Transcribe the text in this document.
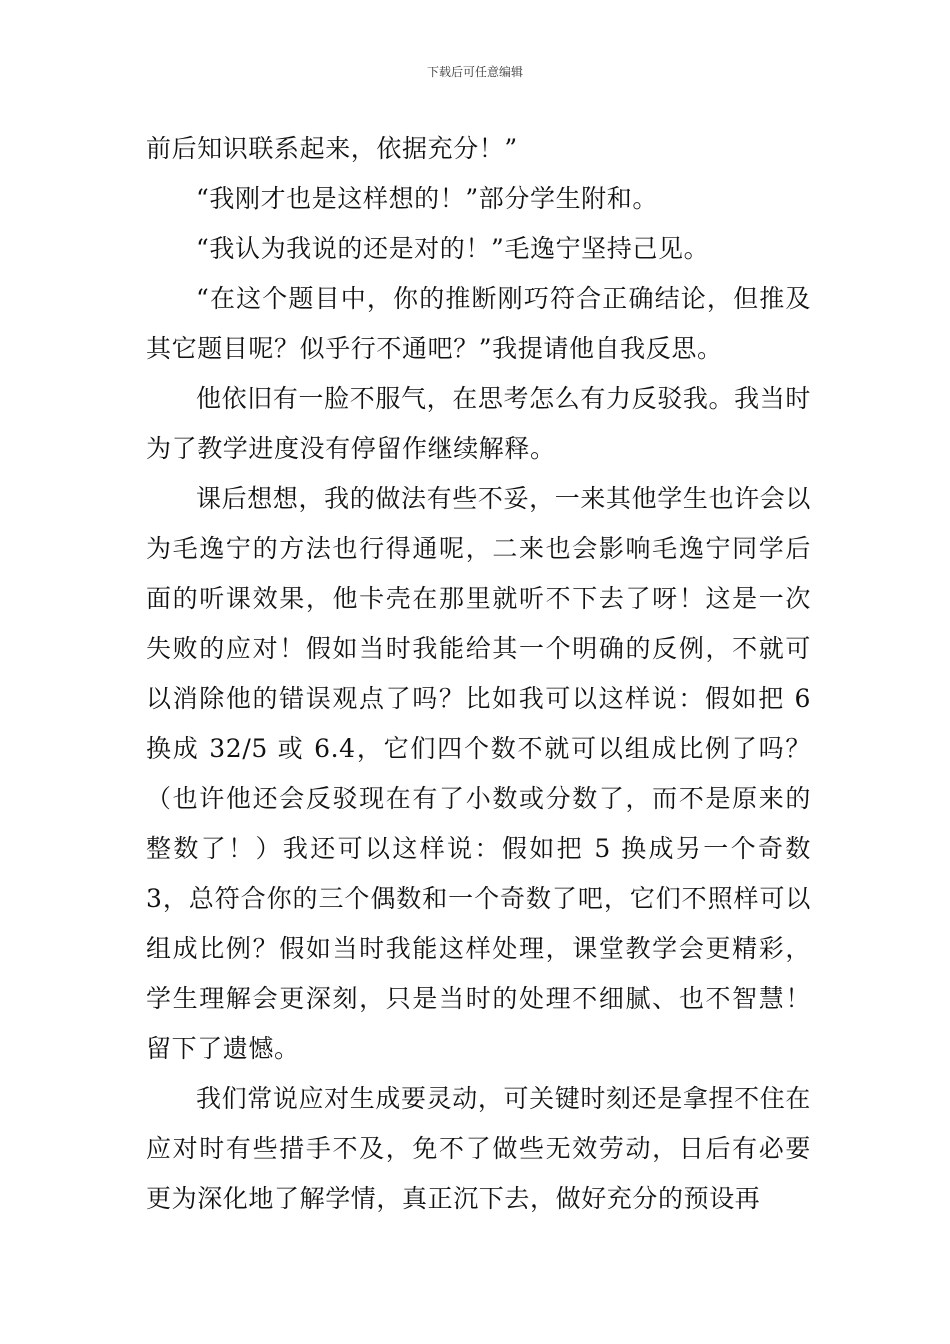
下载后可任意编辑

前后知识联系起来，依据充分！”

“我刚才也是这样想的！”部分学生附和。

“我认为我说的还是对的！”毛逸宁坚持己见。

“在这个题目中，你的推断刚巧符合正确结论，但推及其它题目呢？似乎行不通吧？”我提请他自我反思。

他依旧有一脸不服气，在思考怎么有力反驳我。我当时为了教学进度没有停留作继续解释。

课后想想，我的做法有些不妥，一来其他学生也许会以为毛逸宁的方法也行得通呢，二来也会影响毛逸宁同学后面的听课效果，他卡壳在那里就听不下去了呀！这是一次失败的应对！假如当时我能给其一个明确的反例，不就可以消除他的错误观点了吗？比如我可以这样说：假如把 6 换成 32/5 或 6.4，它们四个数不就可以组成比例了吗？（也许他还会反驳现在有了小数或分数了，而不是原来的整数了！）我还可以这样说：假如把 5 换成另一个奇数 3，总符合你的三个偶数和一个奇数了吧，它们不照样可以组成比例？假如当时我能这样处理，课堂教学会更精彩，学生理解会更深刻，只是当时的处理不细腻、也不智慧！留下了遗憾。

我们常说应对生成要灵动，可关键时刻还是拿捏不住在应对时有些措手不及，免不了做些无效劳动，日后有必要更为深化地了解学情，真正沉下去，做好充分的预设再
